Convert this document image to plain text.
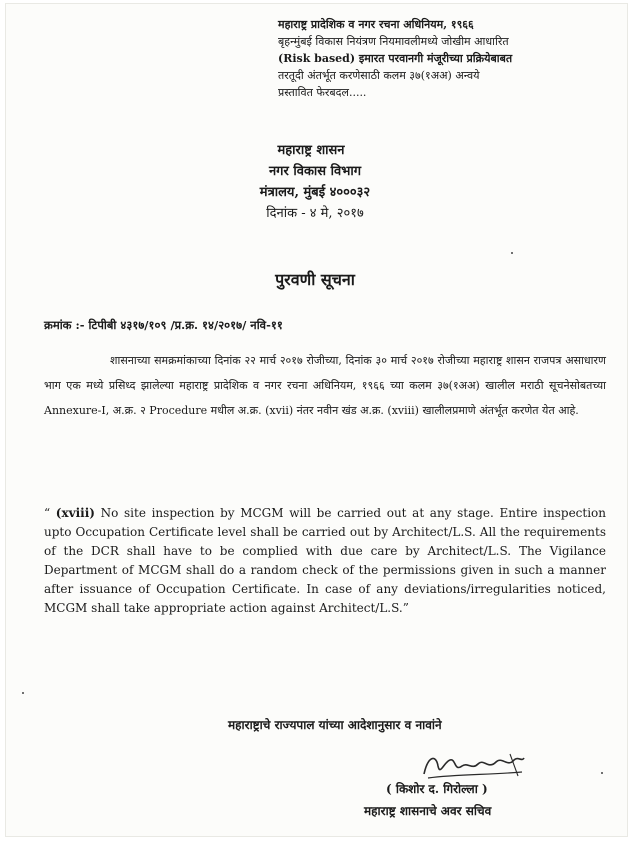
महाराष्ट्र प्रादेशिक व नगर रचना अधिनियम, १९६६
बृहन्मुंबई विकास नियंत्रण नियमावलीमध्ये जोखीम आधारित
(Risk based) इमारत परवानगी मंजूरीच्या प्रक्रियेबाबत
तरतूदी अंतर्भूत करणेसाठी कलम ३७(१अअ) अन्वये
प्रस्तावित फेरबदल.....
महाराष्ट्र शासन
नगर विकास विभाग
मंत्रालय, मुंबई ४०००३२
दिनांक - ४ मे, २०१७
पुरवणी सूचना
क्रमांक :- टिपीबी ४३१७/१०९ /प्र.क्र. १४/२०१७/ नवि-११
शासनाच्या समक्रमांकाच्या दिनांक २२ मार्च २०१७ रोजीच्या, दिनांक ३० मार्च २०१७ रोजीच्या महाराष्ट्र शासन राजपत्र असाधारण भाग एक मध्ये प्रसिध्द झालेल्या महाराष्ट्र प्रादेशिक व नगर रचना अधिनियम, १९६६ च्या कलम ३७(१अअ) खालील मराठी सूचनेसोबतच्या Annexure-I, अ.क्र. २ Procedure मधील अ.क्र. (xvii) नंतर नवीन खंड अ.क्र. (xviii) खालीलप्रमाणे अंतर्भूत करणेत येत आहे.
“ (xviii) No site inspection by MCGM will be carried out at any stage. Entire inspection upto Occupation Certificate level shall be carried out by Architect/L.S. All the requirements of the DCR shall have to be complied with due care by Architect/L.S. The Vigilance Department of MCGM shall do a random check of the permissions given in such a manner after issuance of Occupation Certificate. In case of any deviations/irregularities noticed, MCGM shall take appropriate action against Architect/L.S.”
महाराष्ट्राचे राज्यपाल यांच्या आदेशानुसार व नावांने
( किशोर द. गिरोल्ला )
महाराष्ट्र शासनाचे अवर सचिव
